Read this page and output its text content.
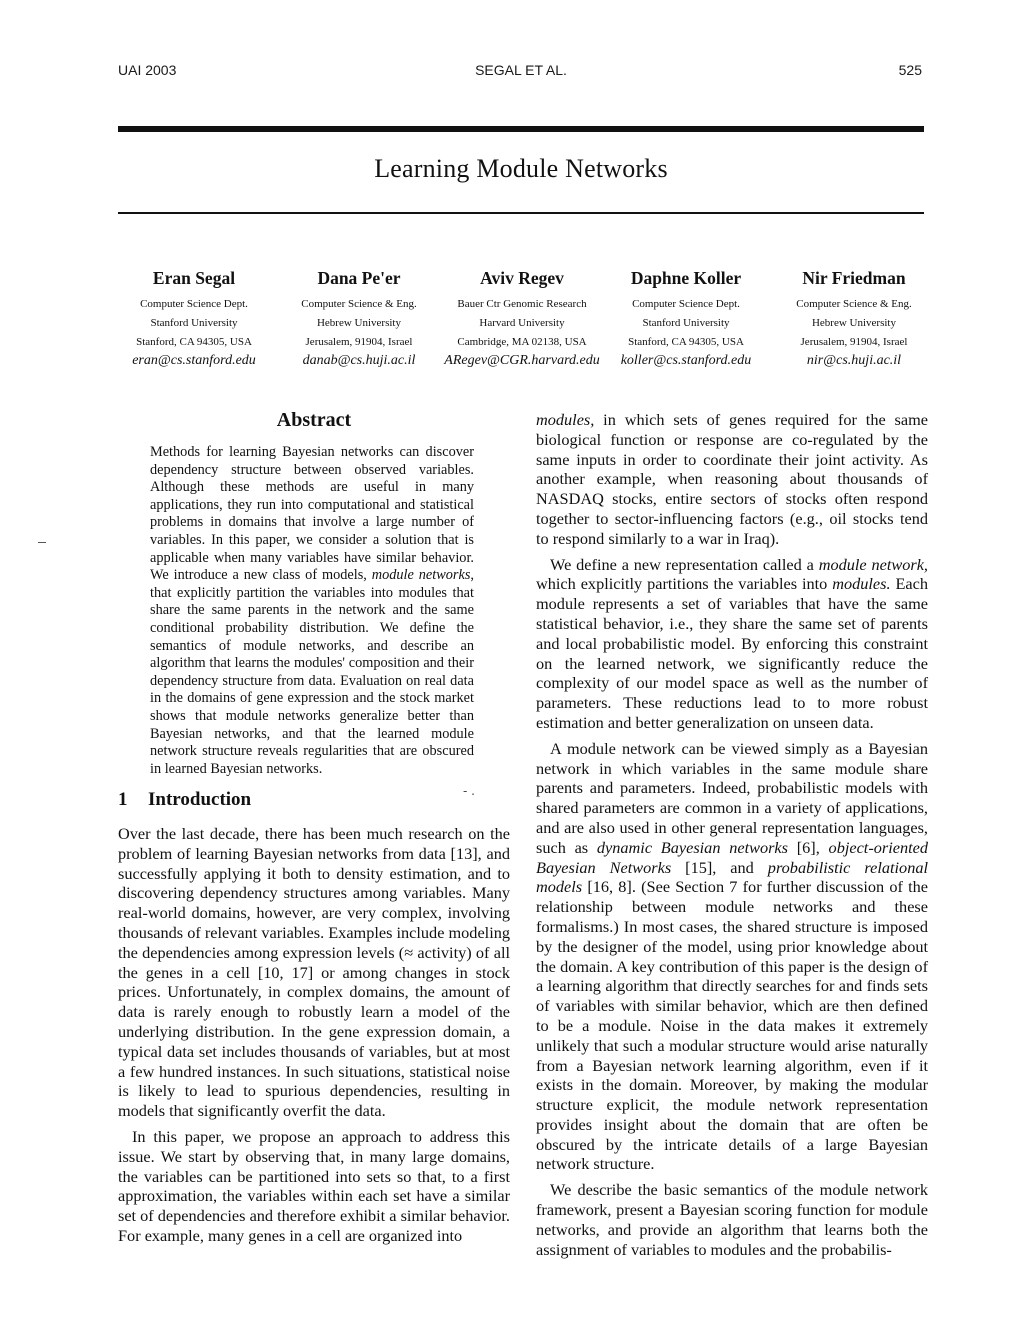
UAI 2003	SEGAL ET AL.	525
Learning Module Networks
Eran Segal
Computer Science Dept.
Stanford University
Stanford, CA 94305, USA
eran@cs.stanford.edu
Dana Pe'er
Computer Science & Eng.
Hebrew University
Jerusalem, 91904, Israel
danab@cs.huji.ac.il
Aviv Regev
Bauer Ctr Genomic Research
Harvard University
Cambridge, MA 02138, USA
ARegev@CGR.harvard.edu
Daphne Koller
Computer Science Dept.
Stanford University
Stanford, CA 94305, USA
koller@cs.stanford.edu
Nir Friedman
Computer Science & Eng.
Hebrew University
Jerusalem, 91904, Israel
nir@cs.huji.ac.il
Abstract
Methods for learning Bayesian networks can discover dependency structure between observed variables. Although these methods are useful in many applications, they run into computational and statistical problems in domains that involve a large number of variables. In this paper, we consider a solution that is applicable when many variables have similar behavior. We introduce a new class of models, module networks, that explicitly partition the variables into modules that share the same parents in the network and the same conditional probability distribution. We define the semantics of module networks, and describe an algorithm that learns the modules' composition and their dependency structure from data. Evaluation on real data in the domains of gene expression and the stock market shows that module networks generalize better than Bayesian networks, and that the learned module network structure reveals regularities that are obscured in learned Bayesian networks.
1 Introduction

Over the last decade, there has been much research on the problem of learning Bayesian networks from data [13], and successfully applying it both to density estimation, and to discovering dependency structures among variables. Many real-world domains, however, are very complex, involving thousands of relevant variables. Examples include modeling the dependencies among expression levels (≈ activity) of all the genes in a cell [10, 17] or among changes in stock prices. Unfortunately, in complex domains, the amount of data is rarely enough to robustly learn a model of the underlying distribution. In the gene expression domain, a typical data set includes thousands of variables, but at most a few hundred instances. In such situations, statistical noise is likely to lead to spurious dependencies, resulting in models that significantly overfit the data.

In this paper, we propose an approach to address this issue. We start by observing that, in many large domains, the variables can be partitioned into sets so that, to a first approximation, the variables within each set have a similar set of dependencies and therefore exhibit a similar behavior. For example, many genes in a cell are organized into

- .

modules, in which sets of genes required for the same biological function or response are co-regulated by the same inputs in order to coordinate their joint activity. As another example, when reasoning about thousands of NASDAQ stocks, entire sectors of stocks often respond together to sector-influencing factors (e.g., oil stocks tend to respond similarly to a war in Iraq).

We define a new representation called a module network, which explicitly partitions the variables into modules. Each module represents a set of variables that have the same statistical behavior, i.e., they share the same set of parents and local probabilistic model. By enforcing this constraint on the learned network, we significantly reduce the complexity of our model space as well as the number of parameters. These reductions lead to to more robust estimation and better generalization on unseen data.

A module network can be viewed simply as a Bayesian network in which variables in the same module share parents and parameters. Indeed, probabilistic models with shared parameters are common in a variety of applications, and are also used in other general representation languages, such as dynamic Bayesian networks [6], object-oriented Bayesian Networks [15], and probabilistic relational models [16, 8]. (See Section 7 for further discussion of the relationship between module networks and these formalisms.) In most cases, the shared structure is imposed by the designer of the model, using prior knowledge about the domain. A key contribution of this paper is the design of a learning algorithm that directly searches for and finds sets of variables with similar behavior, which are then defined to be a module. Noise in the data makes it extremely unlikely that such a modular structure would arise naturally from a Bayesian network learning algorithm, even if it exists in the domain. Moreover, by making the modular structure explicit, the module network representation provides insight about the domain that are often be obscured by the intricate details of a large Bayesian network structure.

We describe the basic semantics of the module network framework, present a Bayesian scoring function for module networks, and provide an algorithm that learns both the assignment of variables to modules and the probabilis-
